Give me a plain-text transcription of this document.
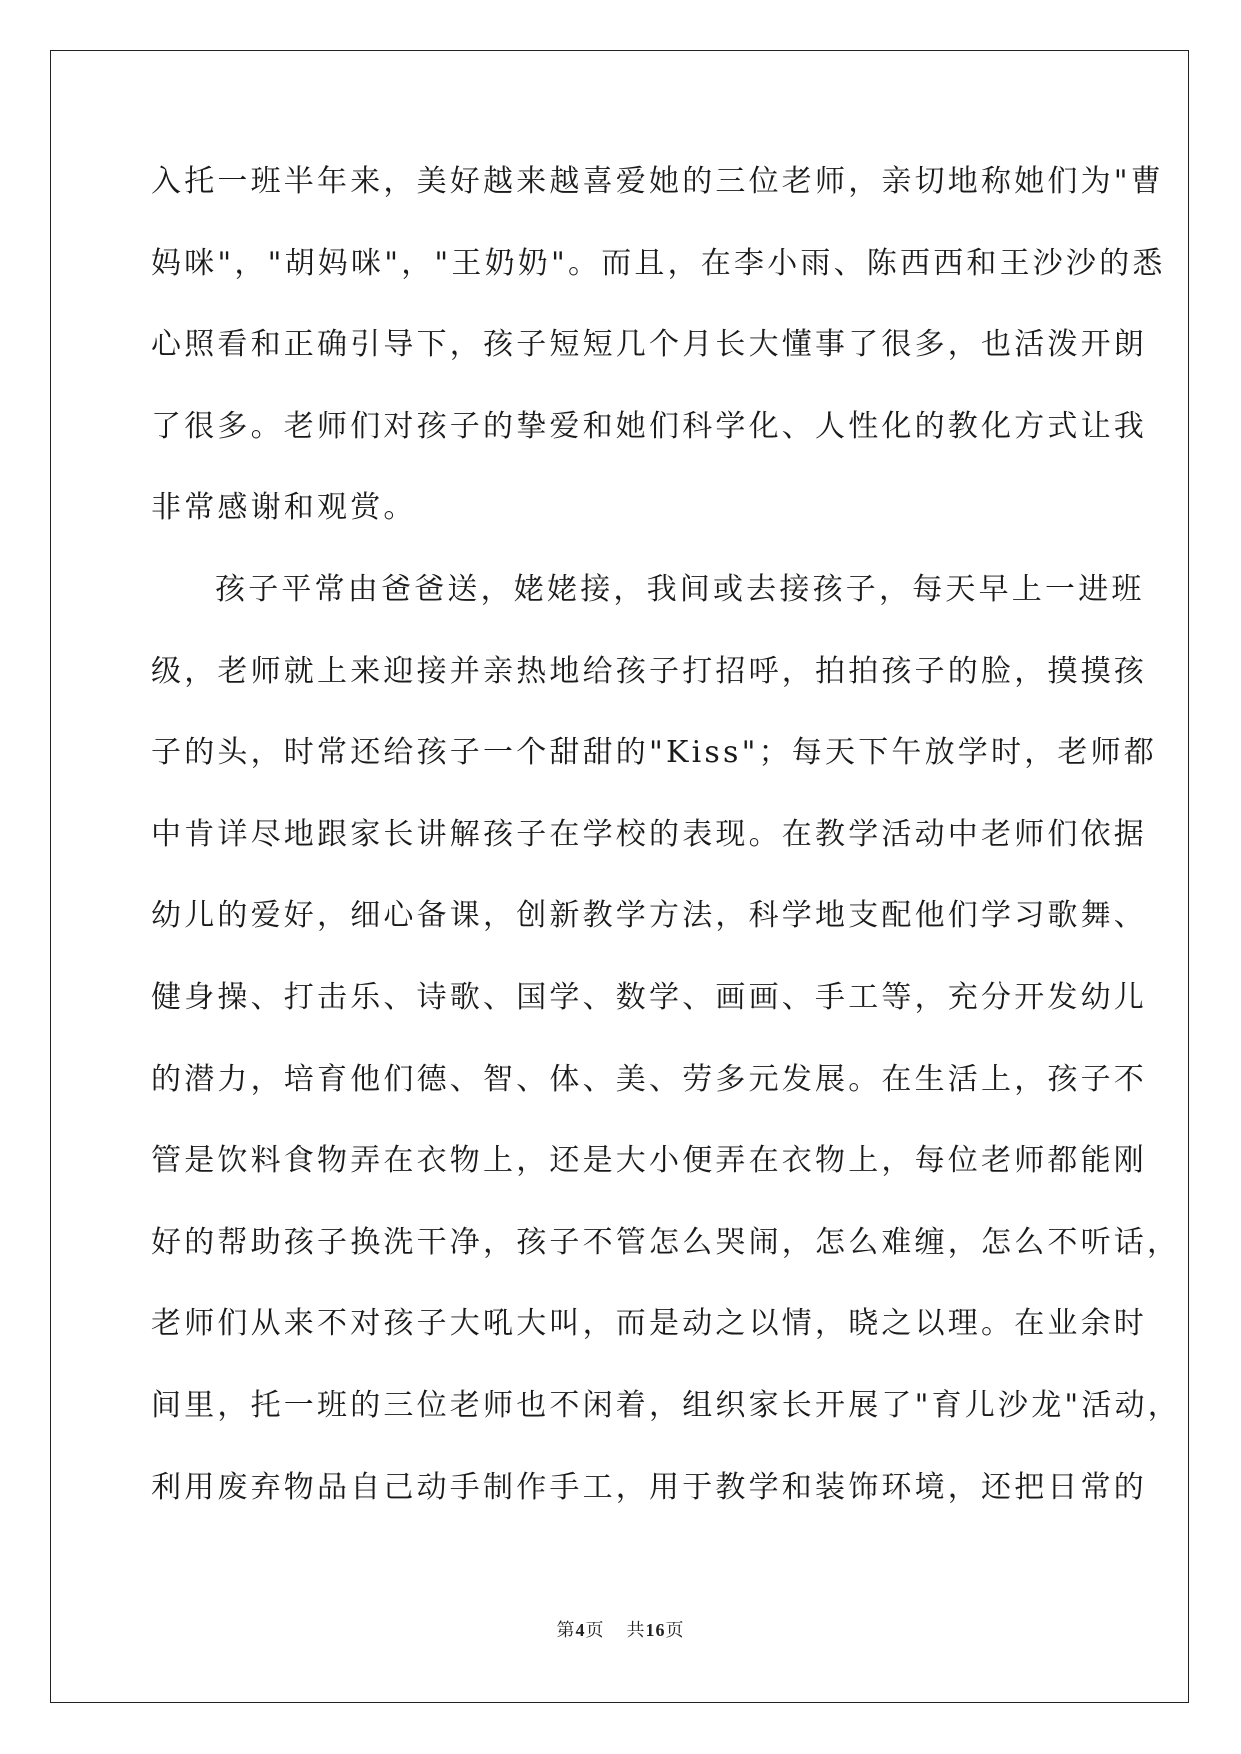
入托一班半年来，美好越来越喜爱她的三位老师，亲切地称她们为"曹
妈咪"，"胡妈咪"，"王奶奶"。而且，在李小雨、陈西西和王沙沙的悉
心照看和正确引导下，孩子短短几个月长大懂事了很多，也活泼开朗
了很多。老师们对孩子的挚爱和她们科学化、人性化的教化方式让我
非常感谢和观赏。
孩子平常由爸爸送，姥姥接，我间或去接孩子，每天早上一进班
级，老师就上来迎接并亲热地给孩子打招呼，拍拍孩子的脸，摸摸孩
子的头，时常还给孩子一个甜甜的"Kiss"；每天下午放学时，老师都
中肯详尽地跟家长讲解孩子在学校的表现。在教学活动中老师们依据
幼儿的爱好，细心备课，创新教学方法，科学地支配他们学习歌舞、
健身操、打击乐、诗歌、国学、数学、画画、手工等，充分开发幼儿
的潜力，培育他们德、智、体、美、劳多元发展。在生活上，孩子不
管是饮料食物弄在衣物上，还是大小便弄在衣物上，每位老师都能刚
好的帮助孩子换洗干净，孩子不管怎么哭闹，怎么难缠，怎么不听话，
老师们从来不对孩子大吼大叫，而是动之以情，晓之以理。在业余时
间里，托一班的三位老师也不闲着，组织家长开展了"育儿沙龙"活动，
利用废弃物品自己动手制作手工，用于教学和装饰环境，还把日常的
第4页 共16页
